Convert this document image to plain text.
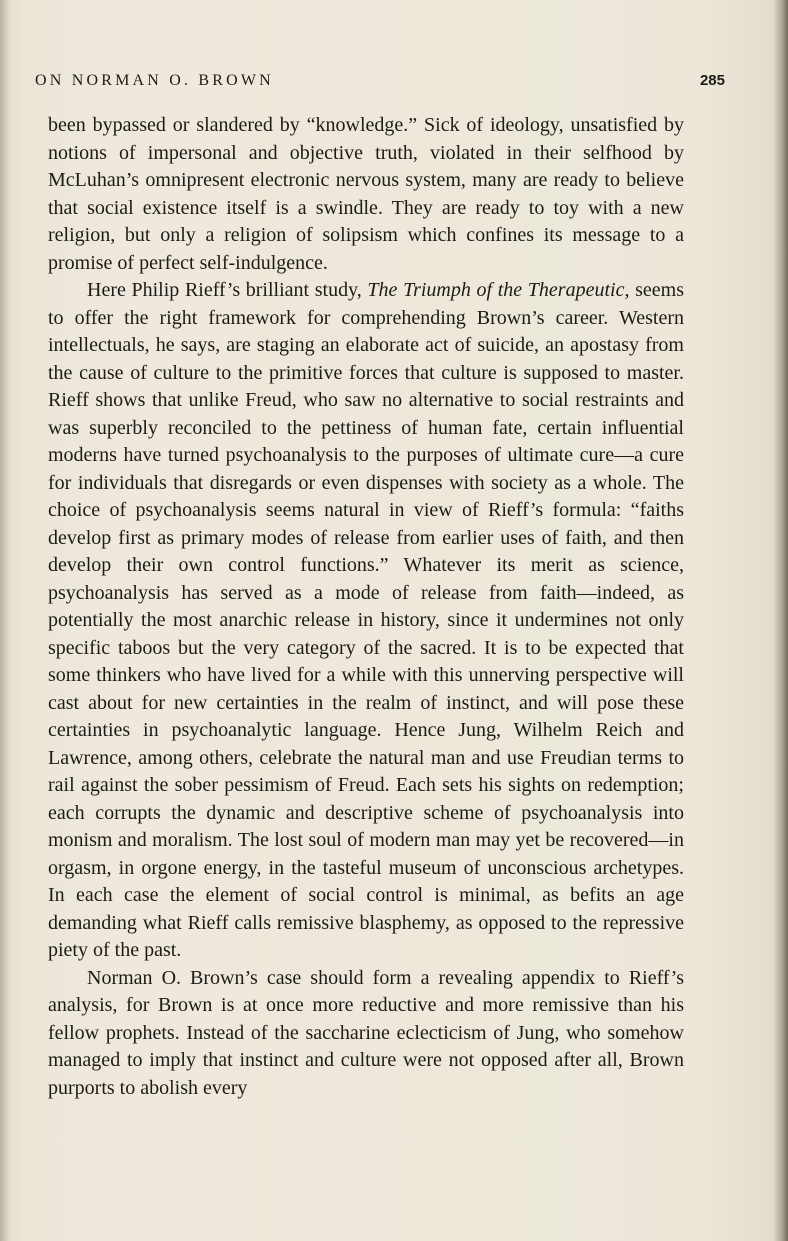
ON NORMAN O. BROWN	285

been bypassed or slandered by “knowledge.” Sick of ideology, unsatisfied by notions of impersonal and objective truth, violated in their selfhood by McLuhan’s omnipresent electronic nervous system, many are ready to believe that social existence itself is a swindle. They are ready to toy with a new religion, but only a religion of solipsism which confines its message to a promise of perfect self-indulgence.

Here Philip Rieff’s brilliant study, The Triumph of the Therapeutic, seems to offer the right framework for comprehending Brown’s career. Western intellectuals, he says, are staging an elaborate act of suicide, an apostasy from the cause of culture to the primitive forces that culture is supposed to master. Rieff shows that unlike Freud, who saw no alternative to social restraints and was superbly reconciled to the pettiness of human fate, certain influential moderns have turned psychoanalysis to the purposes of ultimate cure—a cure for individuals that disregards or even dispenses with society as a whole. The choice of psychoanalysis seems natural in view of Rieff’s formula: “faiths develop first as primary modes of release from earlier uses of faith, and then develop their own control functions.” Whatever its merit as science, psychoanalysis has served as a mode of release from faith—indeed, as potentially the most anarchic release in history, since it undermines not only specific taboos but the very category of the sacred. It is to be expected that some thinkers who have lived for a while with this unnerving perspective will cast about for new certainties in the realm of instinct, and will pose these certainties in psychoanalytic language. Hence Jung, Wilhelm Reich and Lawrence, among others, celebrate the natural man and use Freudian terms to rail against the sober pessimism of Freud. Each sets his sights on redemption; each corrupts the dynamic and descriptive scheme of psychoanalysis into monism and moralism. The lost soul of modern man may yet be recovered—in orgasm, in orgone energy, in the tasteful museum of unconscious archetypes. In each case the element of social control is minimal, as befits an age demanding what Rieff calls remissive blasphemy, as opposed to the repressive piety of the past.

Norman O. Brown’s case should form a revealing appendix to Rieff’s analysis, for Brown is at once more reductive and more remissive than his fellow prophets. Instead of the saccharine eclecticism of Jung, who somehow managed to imply that instinct and culture were not opposed after all, Brown purports to abolish every
